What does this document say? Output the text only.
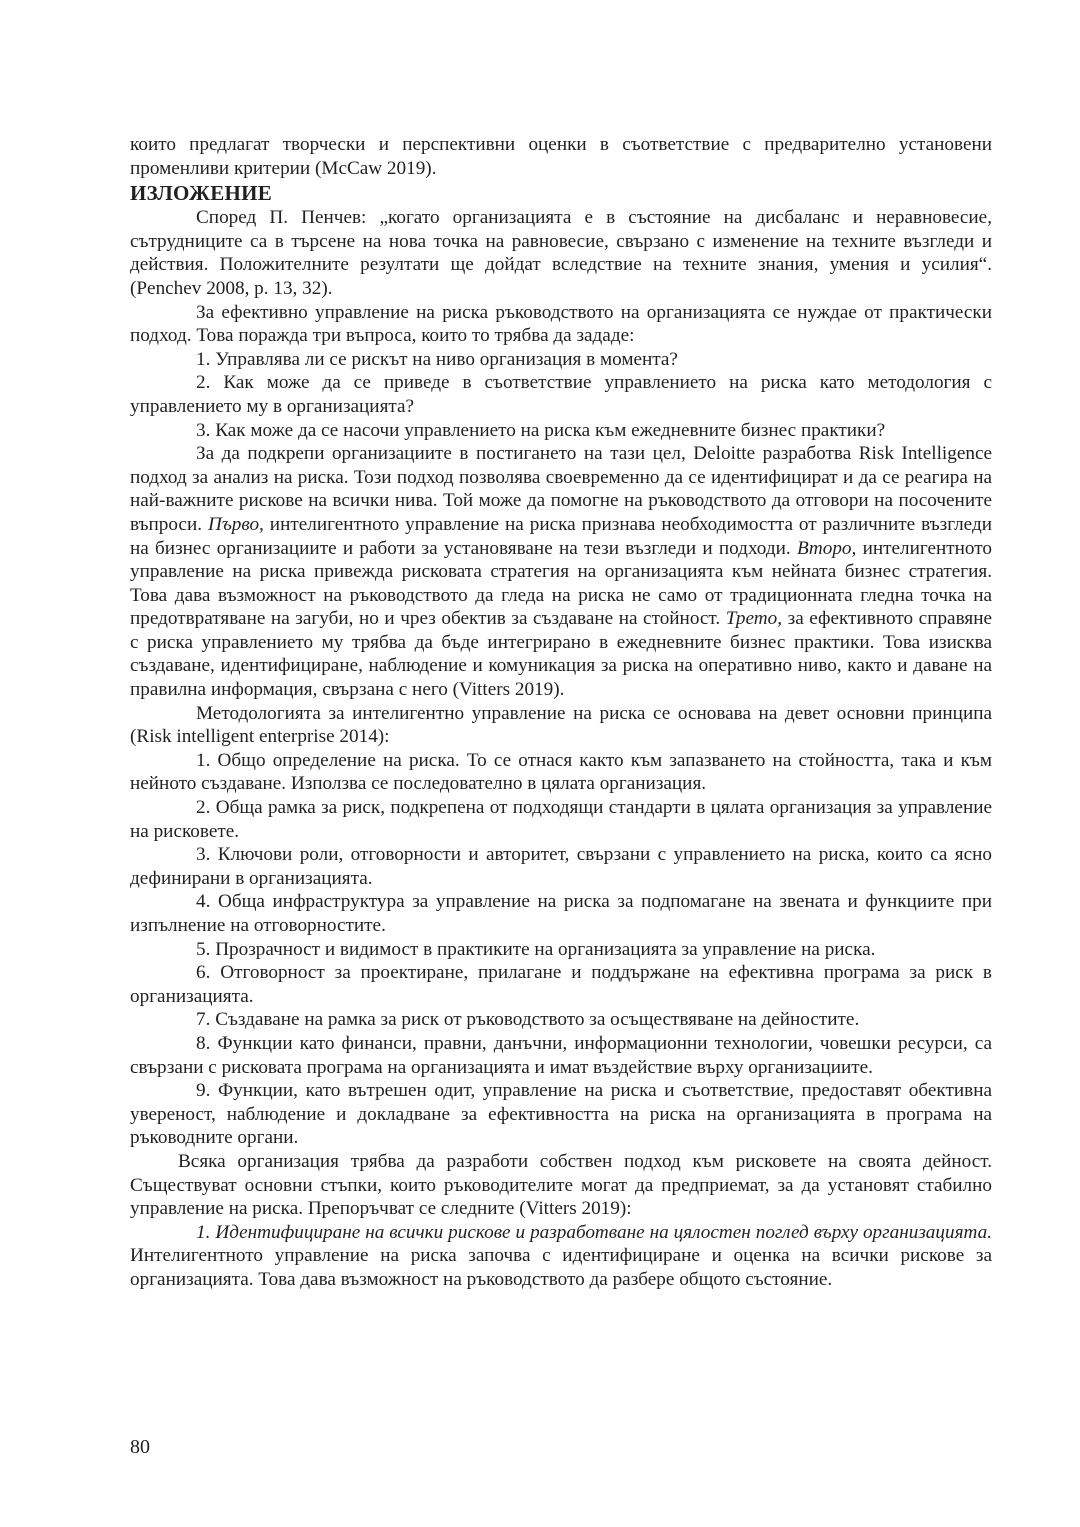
които предлагат творчески и перспективни оценки в съответствие с предварително установени променливи критерии (McCaw 2019).

ИЗЛОЖЕНИЕ

Според П. Пенчев: „когато организацията е в състояние на дисбаланс и неравновесие, сътрудниците са в търсене на нова точка на равновесие, свързано с изменение на техните възгледи и действия. Положителните резултати ще дойдат вследствие на техните знания, умения и усилия“. (Penchev 2008, p. 13, 32).

За ефективно управление на риска ръководството на организацията се нуждае от практически подход. Това поражда три въпроса, които то трябва да зададе:

1. Управлява ли се рискът на ниво организация в момента?

2. Как може да се приведе в съответствие управлението на риска като методология с управлението му в организацията?

3. Как може да се насочи управлението на риска към ежедневните бизнес практики?

За да подкрепи организациите в постигането на тази цел, Deloitte разработва Risk Intelligence подход за анализ на риска. Този подход позволява своевременно да се идентифицират и да се реагира на най-важните рискове на всички нива. Той може да помогне на ръководството да отговори на посочените въпроси. Първо, интелигентното управление на риска признава необходимостта от различните възгледи на бизнес организациите и работи за установяване на тези възгледи и подходи. Второ, интелигентното управление на риска привежда рисковата стратегия на организацията към нейната бизнес стратегия. Това дава възможност на ръководството да гледа на риска не само от традиционната гледна точка на предотвратяване на загуби, но и чрез обектив за създаване на стойност. Трето, за ефективното справяне с риска управлението му трябва да бъде интегрирано в ежедневните бизнес практики. Това изисква създаване, идентифициране, наблюдение и комуникация за риска на оперативно ниво, както и даване на правилна информация, свързана с него (Vitters 2019).

Методологията за интелигентно управление на риска се основава на девет основни принципа (Risk intelligent enterprise 2014):

1. Общо определение на риска. То се отнася както към запазването на стойността, така и към нейното създаване. Използва се последователно в цялата организация.

2. Обща рамка за риск, подкрепена от подходящи стандарти в цялата организация за управление на рисковете.

3. Ключови роли, отговорности и авторитет, свързани с управлението на риска, които са ясно дефинирани в организацията.

4. Обща инфраструктура за управление на риска за подпомагане на звената и функциите при изпълнение на отговорностите.

5. Прозрачност и видимост в практиките на организацията за управление на риска.

6. Отговорност за проектиране, прилагане и поддържане на ефективна програма за риск в организацията.

7. Създаване на рамка за риск от ръководството за осъществяване на дейностите.

8. Функции като финанси, правни, данъчни, информационни технологии, човешки ресурси, са свързани с рисковата програма на организацията и имат въздействие върху организациите.

9. Функции, като вътрешен одит, управление на риска и съответствие, предоставят обективна увереност, наблюдение и докладване за ефективността на риска на организацията в програма на ръководните органи.

Всяка организация трябва да разработи собствен подход към рисковете на своята дейност. Съществуват основни стъпки, които ръководителите могат да предприемат, за да установят стабилно управление на риска. Препоръчват се следните (Vitters 2019):

1. Идентифициране на всички рискове и разработване на цялостен поглед върху организацията. Интелигентното управление на риска започва с идентифициране и оценка на всички рискове за организацията. Това дава възможност на ръководството да разбере общото състояние.

80
